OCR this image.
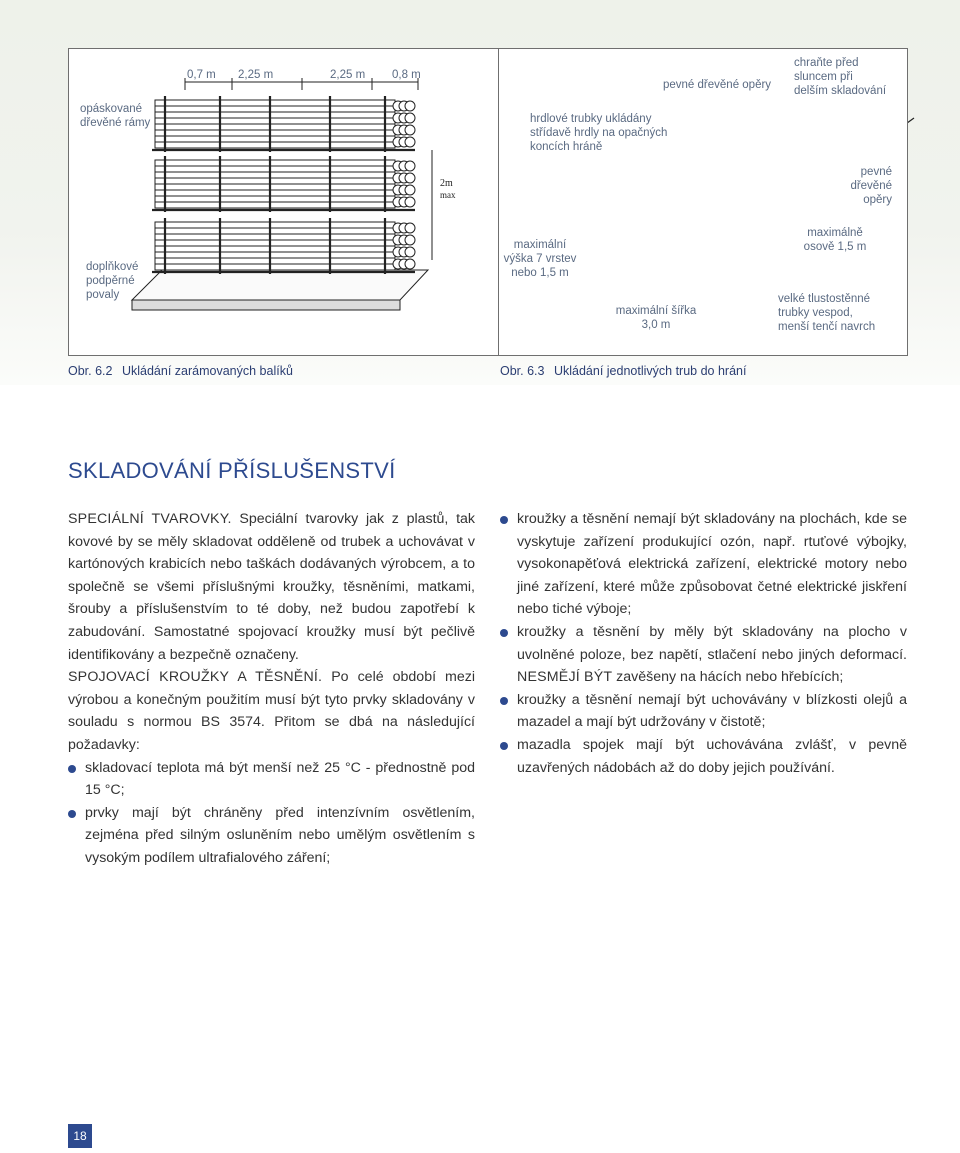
2m
max
opáskované
dřevěné rámy
doplňkové
podpěrné
povaly
0,7 m 2,25 m	2,25 m 0,8 m
hrdlové trubky ukládány
střídavě hrdly na opačných
koncích hráně
pevné dřevěné opěry
chraňte před
sluncem při
delším skladování
pevné
dřevěné
opěry
maximální
výška 7 vrstev
nebo 1,5 m
maximálně
osově 1,5 m
maximální šířka
3,0 m
velké tlustostěnné
trubky vespod,
menší tenčí navrch
Obr. 6.2 Ukládání zarámovaných balíků	Obr. 6.3 Ukládání jednotlivých trub do hrání
SKLADOVÁNÍ PŘÍSLUŠENSTVÍ

SPECIÁLNÍ TVAROVKY. Speciální tvarovky jak z plastů, tak kovové by se měly skladovat odděleně od trubek a uchovávat v kartónových krabicích nebo taškách dodávaných výrobcem, a to společně se všemi příslušnými kroužky, těsněními, matkami, šrouby a příslušenstvím to té doby, než budou zapotřebí k zabudování. Samostatné spojovací kroužky musí být pečlivě identifikovány a bezpečně označeny.

SPOJOVACÍ KROUŽKY A TĚSNĚNÍ. Po celé období mezi výrobou a konečným použitím musí být tyto prvky skladovány v souladu s normou BS 3574. Přitom se dbá na následující požadavky:

skladovací teplota má být menší než 25 °C - přednostně pod 15 °C;
prvky mají být chráněny před intenzívním osvětlením, zejména před silným osluněním nebo umělým osvětlením s vysokým podílem ultrafialového záření;
kroužky a těsnění nemají být skladovány na plochách, kde se vyskytuje zařízení produkující ozón, např. rtuťové výbojky, vysokonapěťová elektrická zařízení, elektrické motory nebo jiné zařízení, které může způsobovat četné elektrické jiskření nebo tiché výboje;
kroužky a těsnění by měly být skladovány na plocho v uvolněné poloze, bez napětí, stlačení nebo jiných deformací. NESMĚJÍ BÝT zavěšeny na hácích nebo hřebících;
kroužky a těsnění nemají být uchovávány v blízkosti olejů a mazadel a mají být udržovány v čistotě;
mazadla spojek mají být uchovávána zvlášť, v pevně uzavřených nádobách až do doby jejich používání.
18
